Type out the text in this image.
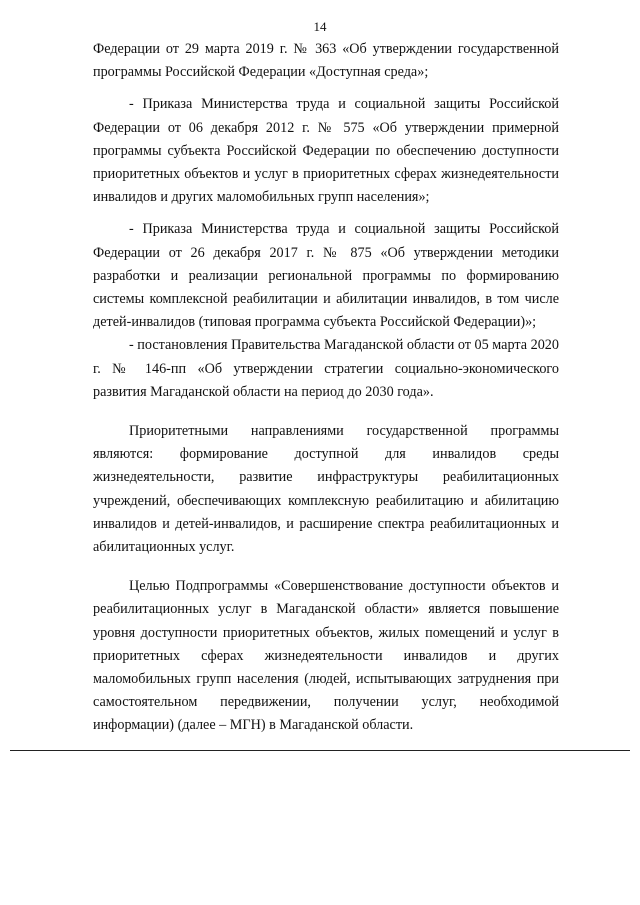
14

Федерации от 29 марта 2019 г. № 363 «Об утверждении государственной программы Российской Федерации «Доступная среда»;

- Приказа Министерства труда и социальной защиты Российской Федерации от 06 декабря 2012 г. № 575 «Об утверждении примерной программы субъекта Российской Федерации по обеспечению доступности приоритетных объектов и услуг в приоритетных сферах жизнедеятельности инвалидов и других маломобильных групп населения»;

- Приказа Министерства труда и социальной защиты Российской Федерации от 26 декабря 2017 г. № 875 «Об утверждении методики разработки и реализации региональной программы по формированию системы комплексной реабилитации и абилитации инвалидов, в том числе детей-инвалидов (типовая программа субъекта Российской Федерации)»;

- постановления Правительства Магаданской области от 05 марта 2020 г. № 146-пп «Об утверждении стратегии социально-экономического развития Магаданской области на период до 2030 года».

Приоритетными направлениями государственной программы являются: формирование доступной для инвалидов среды жизнедеятельности, развитие инфраструктуры реабилитационных учреждений, обеспечивающих комплексную реабилитацию и абилитацию инвалидов и детей-инвалидов, и расширение спектра реабилитационных и абилитационных услуг.

Целью Подпрограммы «Совершенствование доступности объектов и реабилитационных услуг в Магаданской области» является повышение уровня доступности приоритетных объектов, жилых помещений и услуг в приоритетных сферах жизнедеятельности инвалидов и других маломобильных групп населения (людей, испытывающих затруднения при самостоятельном передвижении, получении услуг, необходимой информации) (далее – МГН) в Магаданской области.
